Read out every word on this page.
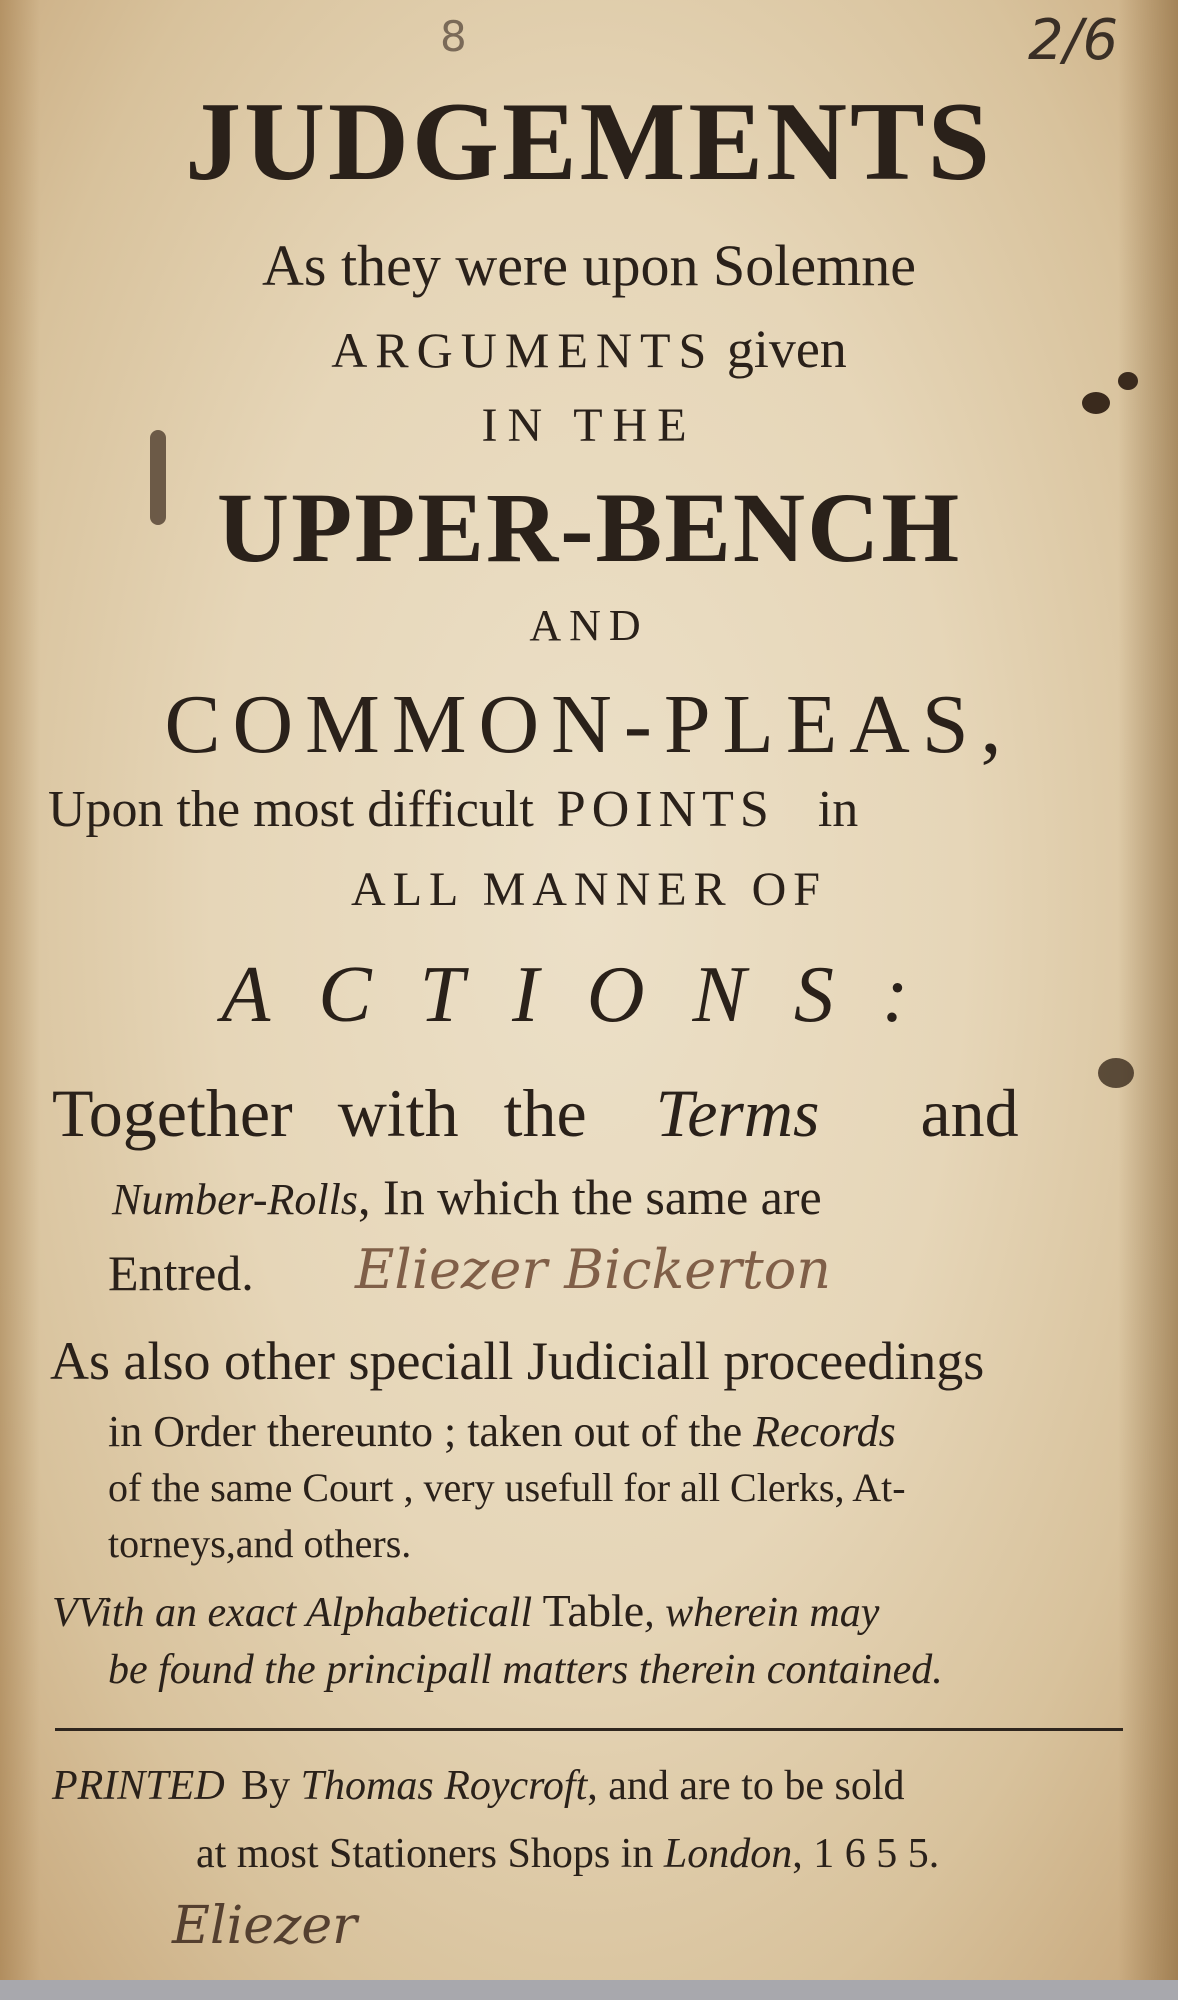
8	2/6
JUDGEMENTS
As they were upon Solemne
ARGUMENTS given
IN THE
UPPER-BENCH
AND
COMMON-PLEAS,
Upon the most difficult POINTS in
ALL MANNER OF
ACTIONS:
Together with the Terms and
Number-Rolls, In which the same are
Entred. Eliezer Bickerton
As also other speciall Judiciall proceedings
in Order thereunto ; taken out of the Records
of the same Court , very usefull for all Clerks, At-
torneys,and others.
VVith an exact Alphabeticall Table, wherein may
be found the principall matters therein contained.
PRINTED By Thomas Roycroft, and are to be sold
at most Stationers Shops in London, 1 6 5 5.
Eliezer
